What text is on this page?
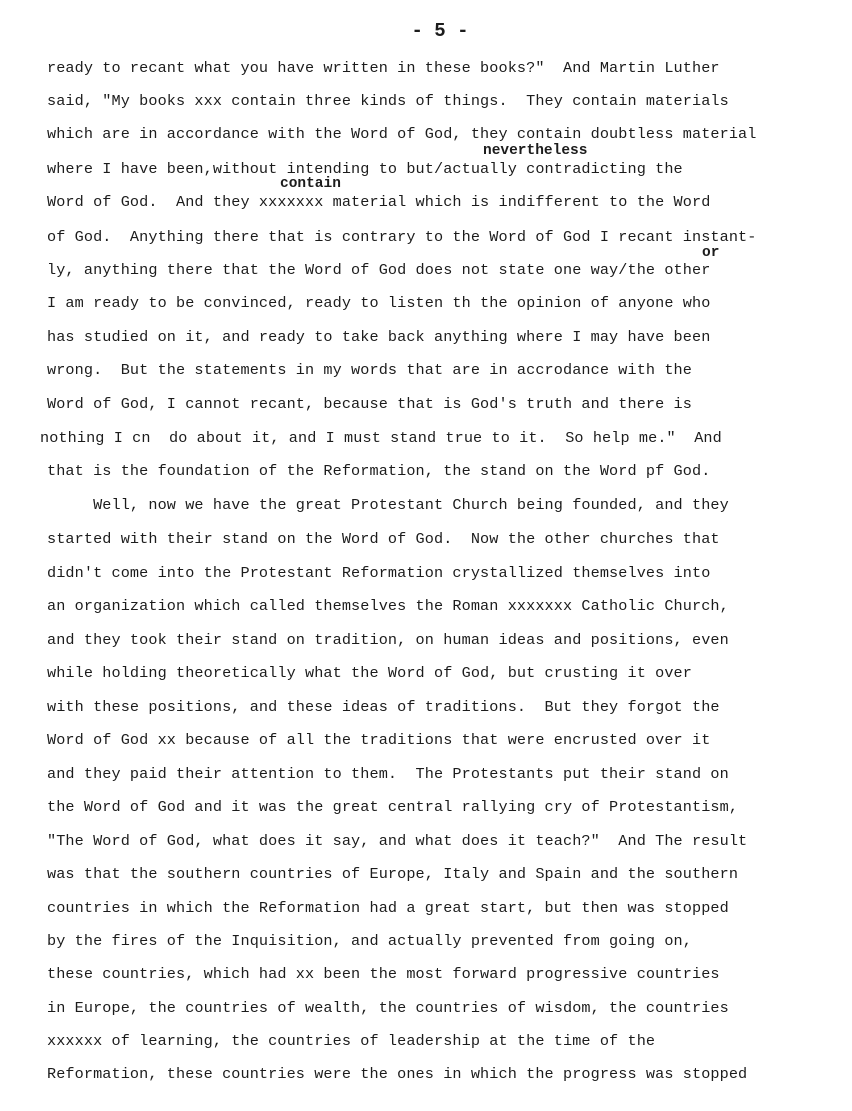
- 5 -
ready to recant what you have written in these books?"  And Martin Luther
said, "My books xxx contain three kinds of things.  They contain materials
which are in accordance with the Word of God, they contain doubtless material
where I have been,without intending to but/actually contradicting the
Word of God.  And they xxxxxxx material which is indifferent to the Word
of God.  Anything there that is contrary to the Word of God I recant instant-
ly, anything there that the Word of God does not state one way/the other
I am ready to be convinced, ready to listen th the opinion of anyone who
has studied on it, and ready to take back anything where I may have been
wrong.  But the statements in my words that are in accrodance with the
Word of God, I cannot recant, because that is God's truth and there is
nothing I cn  do about it, and I must stand true to it.  So help me."  And
that is the foundation of the Reformation, the stand on the Word pf God.
Well, now we have the great Protestant Church being founded, and they
started with their stand on the Word of God.  Now the other churches that
didn't come into the Protestant Reformation crystallized themselves into
an organization which called themselves the Roman xxxxxxx Catholic Church,
and they took their stand on tradition, on human ideas and positions, even
while holding theoretically what the Word of God, but crusting it over
with these positions, and these ideas of traditions.  But they forgot the
Word of God xx because of all the traditions that were encrusted over it
and they paid their attention to them.  The Protestants put their stand on
the Word of God and it was the great central rallying cry of Protestantism,
"The Word of God, what does it say, and what does it teach?"  And The result
was that the southern countries of Europe, Italy and Spain and the southern
countries in which the Reformation had a great start, but then was stopped
by the fires of the Inquisition, and actually prevented from going on,
these countries, which had xx been the most forward progressive countries
in Europe, the countries of wealth, the countries of wisdom, the countries
xxxxxx of learning, the countries of leadership at the time of the
Reformation, these countries were the ones in which the progress was stopped
nevertheless
contain
or
